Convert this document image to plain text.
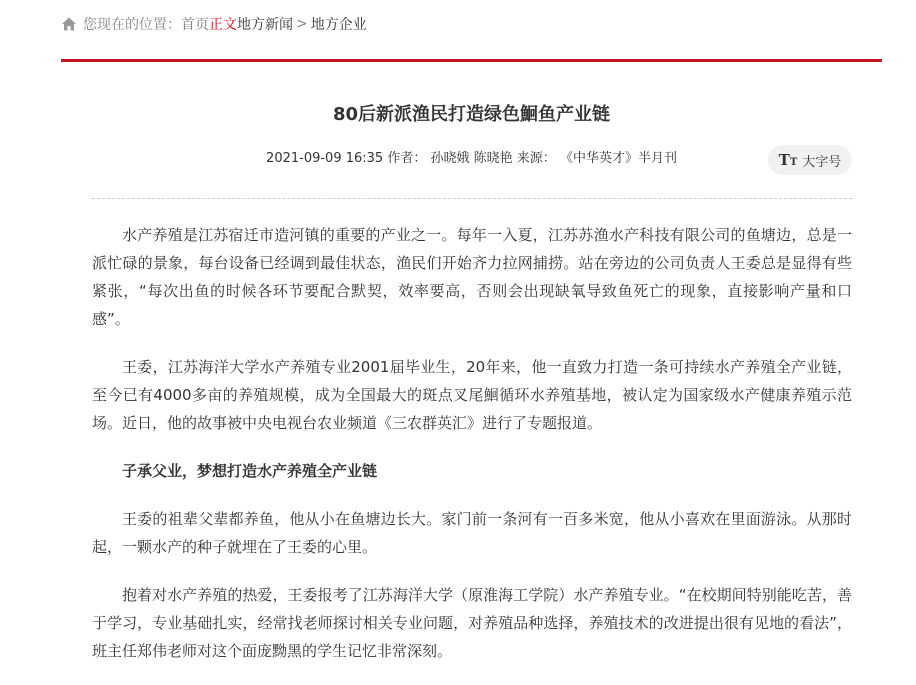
您现在的位置： 首页 正文 地方新闻 > 地方企业
80后新派渔民打造绿色鮰鱼产业链
2021-09-09 16:35 作者： 孙晓娥 陈晓艳 来源： 《中华英才》半月刊	TT 大字号

水产养殖是江苏宿迁市造河镇的重要的产业之一。每年一入夏，江苏苏渔水产科技有限公司的鱼塘边，总是一派忙碌的景象，每台设备已经调到最佳状态，渔民们开始齐力拉网捕捞。站在旁边的公司负责人王委总是显得有些紧张，“每次出鱼的时候各环节要配合默契，效率要高，否则会出现缺氧导致鱼死亡的现象，直接影响产量和口感”。

王委，江苏海洋大学水产养殖专业2001届毕业生，20年来，他一直致力打造一条可持续水产养殖全产业链，至今已有4000多亩的养殖规模，成为全国最大的斑点叉尾鮰循环水养殖基地，被认定为国家级水产健康养殖示范场。近日，他的故事被中央电视台农业频道《三农群英汇》进行了专题报道。

子承父业，梦想打造水产养殖全产业链

王委的祖辈父辈都养鱼，他从小在鱼塘边长大。家门前一条河有一百多米宽，他从小喜欢在里面游泳。从那时起，一颗水产的种子就埋在了王委的心里。

抱着对水产养殖的热爱，王委报考了江苏海洋大学（原淮海工学院）水产养殖专业。“在校期间特别能吃苦，善于学习，专业基础扎实，经常找老师探讨相关专业问题，对养殖品种选择，养殖技术的改进提出很有见地的看法”，班主任郑伟老师对这个面庞黝黑的学生记忆非常深刻。
